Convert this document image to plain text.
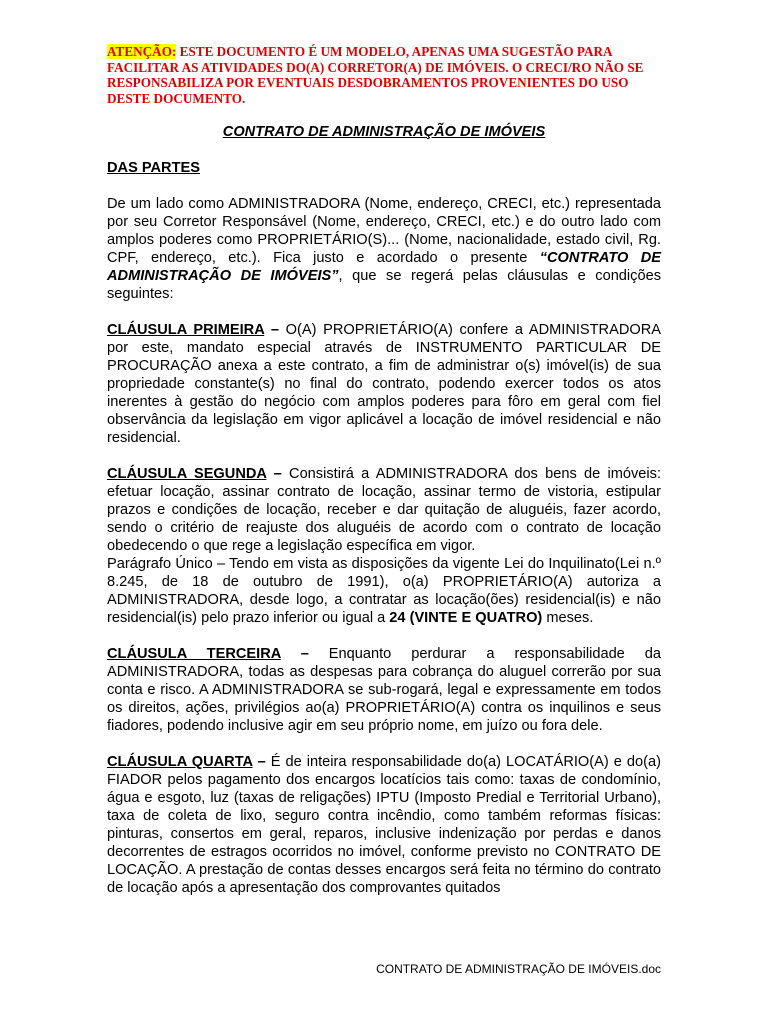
ATENÇÃO: ESTE DOCUMENTO É UM MODELO, APENAS UMA SUGESTÃO PARA FACILITAR AS ATIVIDADES DO(A) CORRETOR(A) DE IMÓVEIS. O CRECI/RO NÃO SE RESPONSABILIZA POR EVENTUAIS DESDOBRAMENTOS PROVENIENTES DO USO DESTE DOCUMENTO.
CONTRATO DE ADMINISTRAÇÃO DE IMÓVEIS

DAS PARTES

De um lado como ADMINISTRADORA (Nome, endereço, CRECI, etc.) representada por seu Corretor Responsável (Nome, endereço, CRECI, etc.) e do outro lado com amplos poderes como PROPRIETÁRIO(S)... (Nome, nacionalidade, estado civil, Rg. CPF, endereço, etc.). Fica justo e acordado o presente “CONTRATO DE ADMINISTRAÇÃO DE IMÓVEIS”, que se regerá pelas cláusulas e condições seguintes:

CLÁUSULA PRIMEIRA – O(A) PROPRIETÁRIO(A) confere a ADMINISTRADORA por este, mandato especial através de INSTRUMENTO PARTICULAR DE PROCURAÇÃO anexa a este contrato, a fim de administrar o(s) imóvel(is) de sua propriedade constante(s) no final do contrato, podendo exercer todos os atos inerentes à gestão do negócio com amplos poderes para fôro em geral com fiel observância da legislação em vigor aplicável a locação de imóvel residencial e não residencial.

CLÁUSULA SEGUNDA – Consistirá a ADMINISTRADORA dos bens de imóveis: efetuar locação, assinar contrato de locação, assinar termo de vistoria, estipular prazos e condições de locação, receber e dar quitação de aluguéis, fazer acordo, sendo o critério de reajuste dos aluguéis de acordo com o contrato de locação obedecendo o que rege a legislação específica em vigor.

Parágrafo Único – Tendo em vista as disposições da vigente Lei do Inquilinato(Lei n.º 8.245, de 18 de outubro de 1991), o(a) PROPRIETÁRIO(A) autoriza a ADMINISTRADORA, desde logo, a contratar as locação(ões) residencial(is) e não residencial(is) pelo prazo inferior ou igual a 24 (VINTE E QUATRO) meses.

CLÁUSULA TERCEIRA – Enquanto perdurar a responsabilidade da ADMINISTRADORA, todas as despesas para cobrança do aluguel correrão por sua conta e risco. A ADMINISTRADORA se sub-rogará, legal e expressamente em todos os direitos, ações, privilégios ao(a) PROPRIETÁRIO(A) contra os inquilinos e seus fiadores, podendo inclusive agir em seu próprio nome, em juízo ou fora dele.

CLÁUSULA QUARTA – É de inteira responsabilidade do(a) LOCATÁRIO(A) e do(a) FIADOR pelos pagamento dos encargos locatícios tais como: taxas de condomínio, água e esgoto, luz (taxas de religações) IPTU (Imposto Predial e Territorial Urbano), taxa de coleta de lixo, seguro contra incêndio, como também reformas físicas: pinturas, consertos em geral, reparos, inclusive indenização por perdas e danos decorrentes de estragos ocorridos no imóvel, conforme previsto no CONTRATO DE LOCAÇÃO. A prestação de contas desses encargos será feita no término do contrato de locação após a apresentação dos comprovantes quitados

CONTRATO DE ADMINISTRAÇÃO DE IMÓVEIS.doc
